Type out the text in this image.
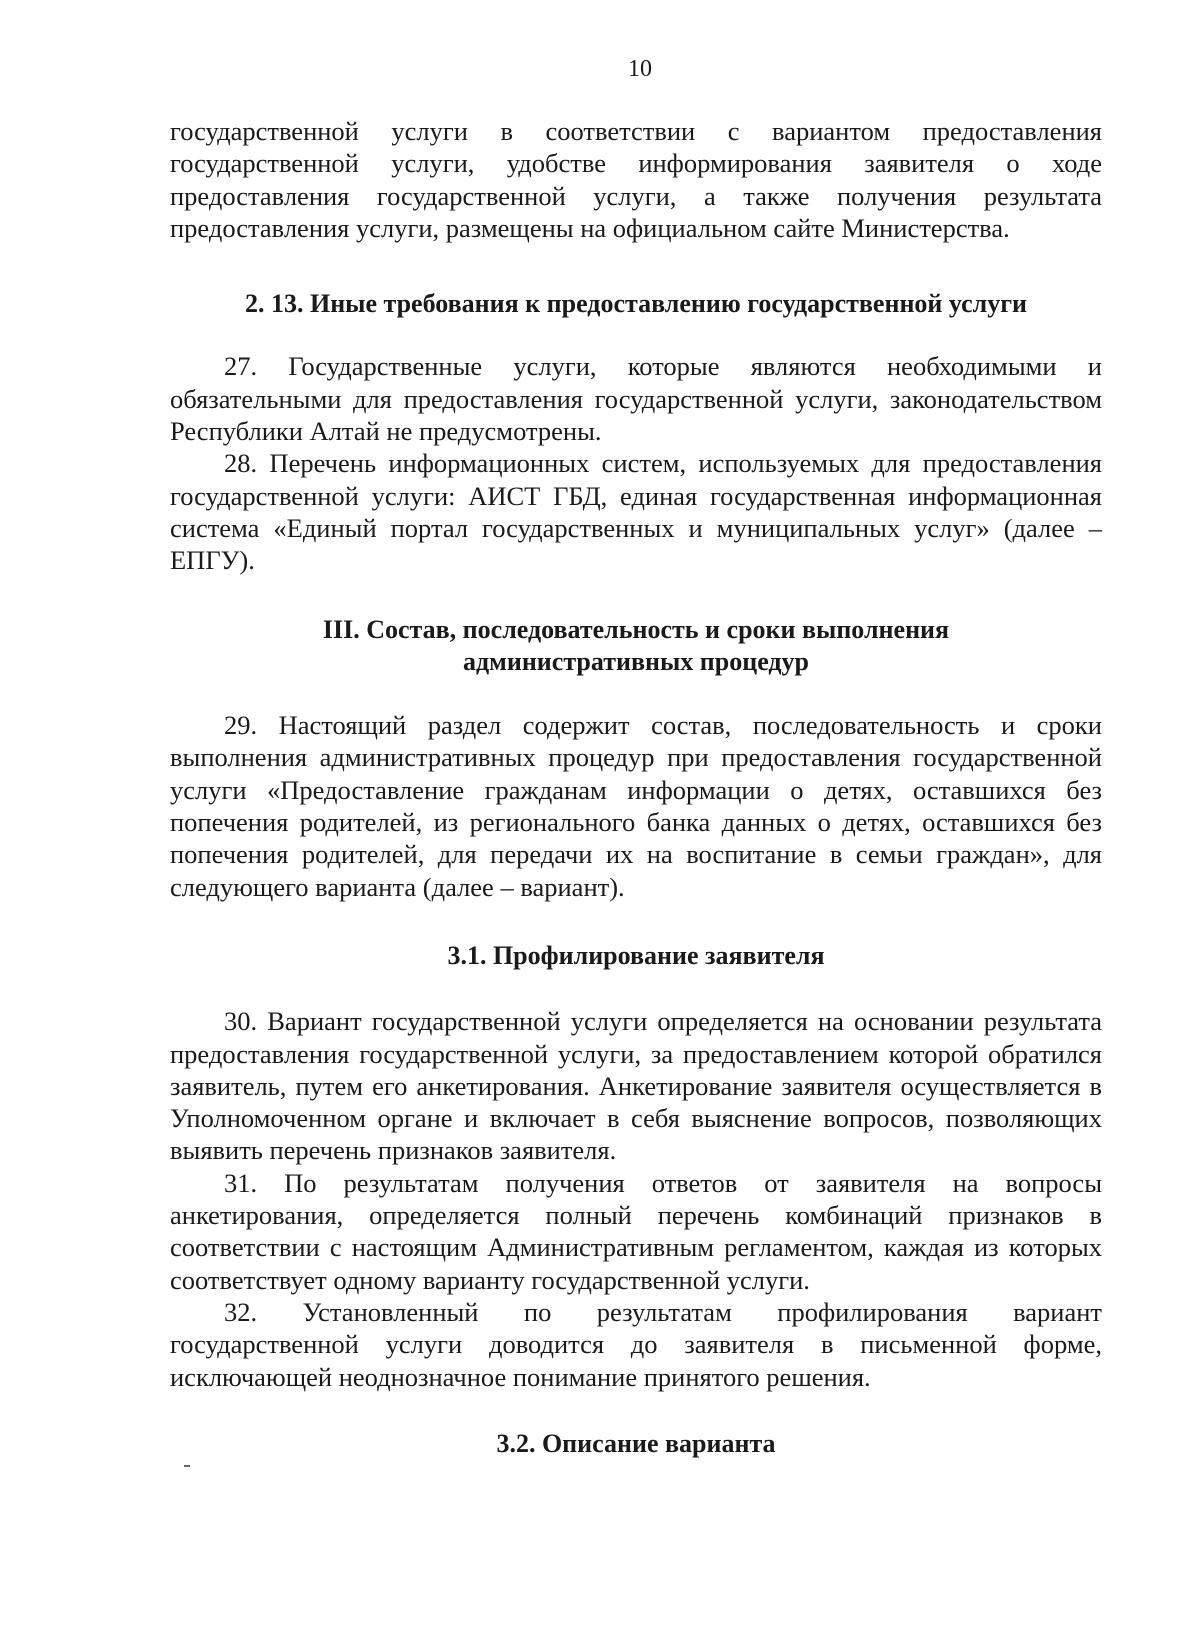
10

государственной услуги в соответствии с вариантом предоставления государственной услуги, удобстве информирования заявителя о ходе предоставления государственной услуги, а также получения результата предоставления услуги, размещены на официальном сайте Министерства.

2. 13. Иные требования к предоставлению государственной услуги

27. Государственные услуги, которые являются необходимыми и обязательными для предоставления государственной услуги, законодательством Республики Алтай не предусмотрены.

28. Перечень информационных систем, используемых для предоставления государственной услуги: АИСТ ГБД, единая государственная информационная система «Единый портал государственных и муниципальных услуг» (далее – ЕПГУ).

III. Состав, последовательность и сроки выполнения
административных процедур

29. Настоящий раздел содержит состав, последовательность и сроки выполнения административных процедур при предоставления государственной услуги «Предоставление гражданам информации о детях, оставшихся без попечения родителей, из регионального банка данных о детях, оставшихся без попечения родителей, для передачи их на воспитание в семьи граждан», для следующего варианта (далее – вариант).

3.1. Профилирование заявителя

30. Вариант государственной услуги определяется на основании результата предоставления государственной услуги, за предоставлением которой обратился заявитель, путем его анкетирования. Анкетирование заявителя осуществляется в Уполномоченном органе и включает в себя выяснение вопросов, позволяющих выявить перечень признаков заявителя.

31. По результатам получения ответов от заявителя на вопросы анкетирования, определяется полный перечень комбинаций признаков в соответствии с настоящим Административным регламентом, каждая из которых соответствует одному варианту государственной услуги.

32. Установленный по результатам профилирования вариант государственной услуги доводится до заявителя в письменной форме, исключающей неоднозначное понимание принятого решения.

3.2. Описание варианта
